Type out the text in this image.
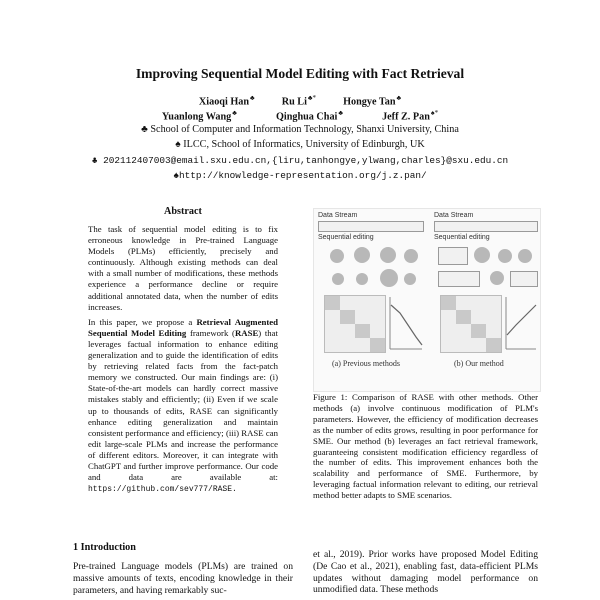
Improving Sequential Model Editing with Fact Retrieval
Xiaoqi Han♣	Ru Li♣*	Hongye Tan♣
Yuanlong Wang♣	Qinghua Chai♣	Jeff Z. Pan♠*
♣ School of Computer and Information Technology, Shanxi University, China
♠ ILCC, School of Informatics, University of Edinburgh, UK
♣ 202112407003@email.sxu.edu.cn,{liru,tanhongye,ylwang,charles}@sxu.edu.cn
♠http://knowledge-representation.org/j.z.pan/
Abstract

The task of sequential model editing is to fix erroneous knowledge in Pre-trained Language Models (PLMs) efficiently, precisely and continuously. Although existing methods can deal with a small number of modifications, these methods experience a performance decline or require additional annotated data, when the number of edits increases.

In this paper, we propose a Retrieval Augmented Sequential Model Editing framework (RASE) that leverages factual information to enhance editing generalization and to guide the identification of edits by retrieving related facts from the fact-patch memory we constructed. Our main findings are: (i) State-of-the-art models can hardly correct massive mistakes stably and efficiently; (ii) Even if we scale up to thousands of edits, RASE can significantly enhance editing generalization and maintain consistent performance and efficiency; (iii) RASE can edit large-scale PLMs and increase the performance of different editors. Moreover, it can integrate with ChatGPT and further improve performance. Our code and data are available at: https://github.com/sev777/RASE.

Data Stream	Data Stream
Sequential editing	Sequential editing
(a) Previous methods	(b) Our method
Figure 1: Comparison of RASE with other methods. Other methods (a) involve continuous modification of PLM's parameters. However, the efficiency of modification decreases as the number of edits grows, resulting in poor performance for SME. Our method (b) leverages an fact retrieval framework, guaranteeing consistent modification efficiency regardless of the number of edits. This improvement enhances both the scalability and performance of SME. Furthermore, by leveraging factual information relevant to editing, our retrieval method better adapts to SME scenarios.
1 Introduction
Pre-trained Language models (PLMs) are trained on massive amounts of texts, encoding knowledge in their parameters, and having remarkably suc-
et al., 2019). Prior works have proposed Model Editing (De Cao et al., 2021), enabling fast, data-efficient PLMs updates without damaging model performance on unmodified data. These methods
